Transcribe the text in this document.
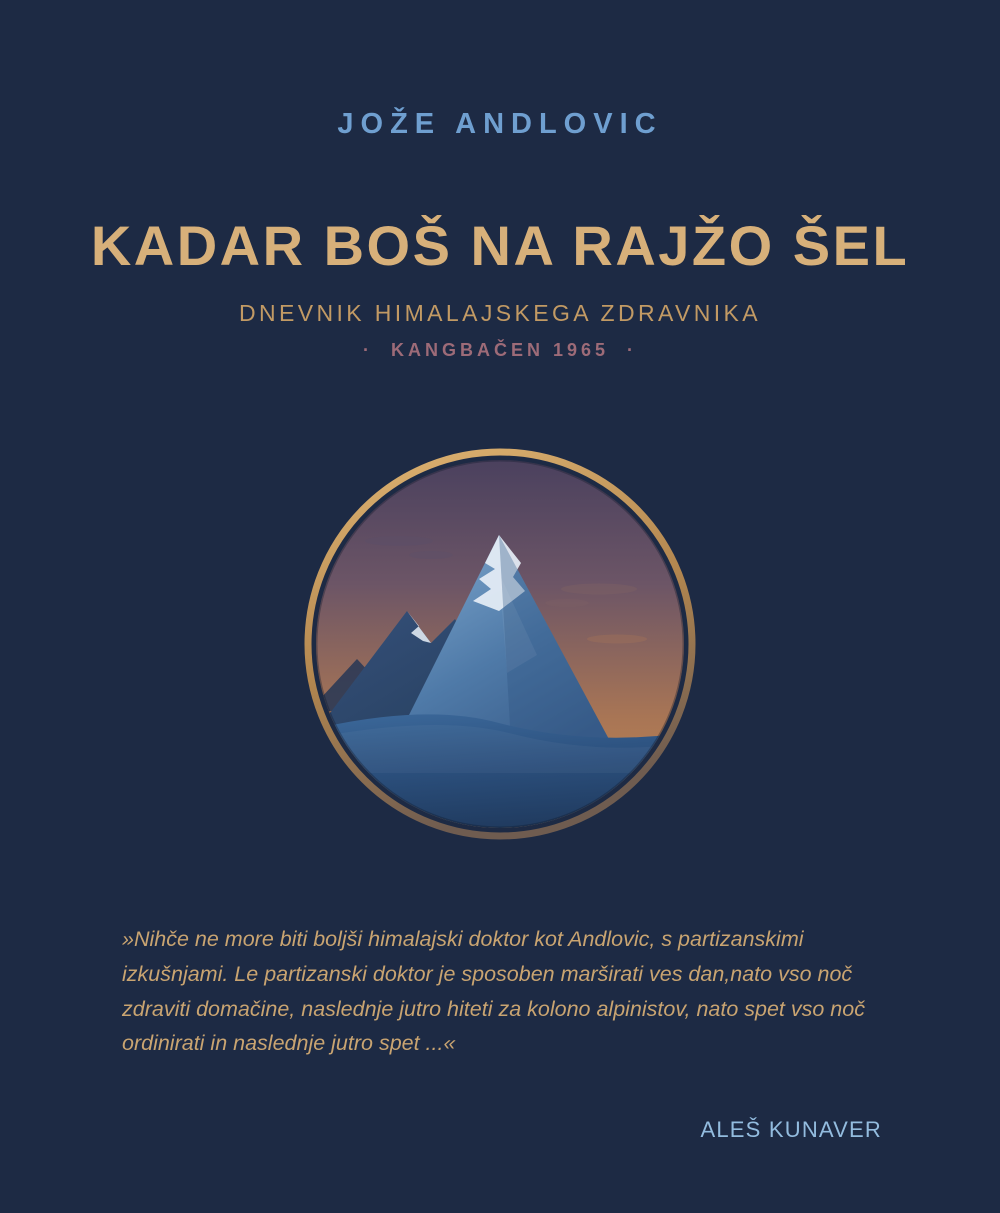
JOŽE ANDLOVIC
KADAR BOŠ NA RAJŽO ŠEL
DNEVNIK HIMALAJSKEGA ZDRAVNIKA
·  KANGBAČEN 1965  ·
»Nihče ne more biti boljši himalajski doktor kot Andlovic, s partizanskimi izkušnjami. Le partizanski doktor je sposoben marširati ves dan,nato vso noč zdraviti domačine, naslednje jutro hiteti za kolono alpinistov, nato spet vso noč ordinirati in naslednje jutro spet ...«
ALEŠ KUNAVER
